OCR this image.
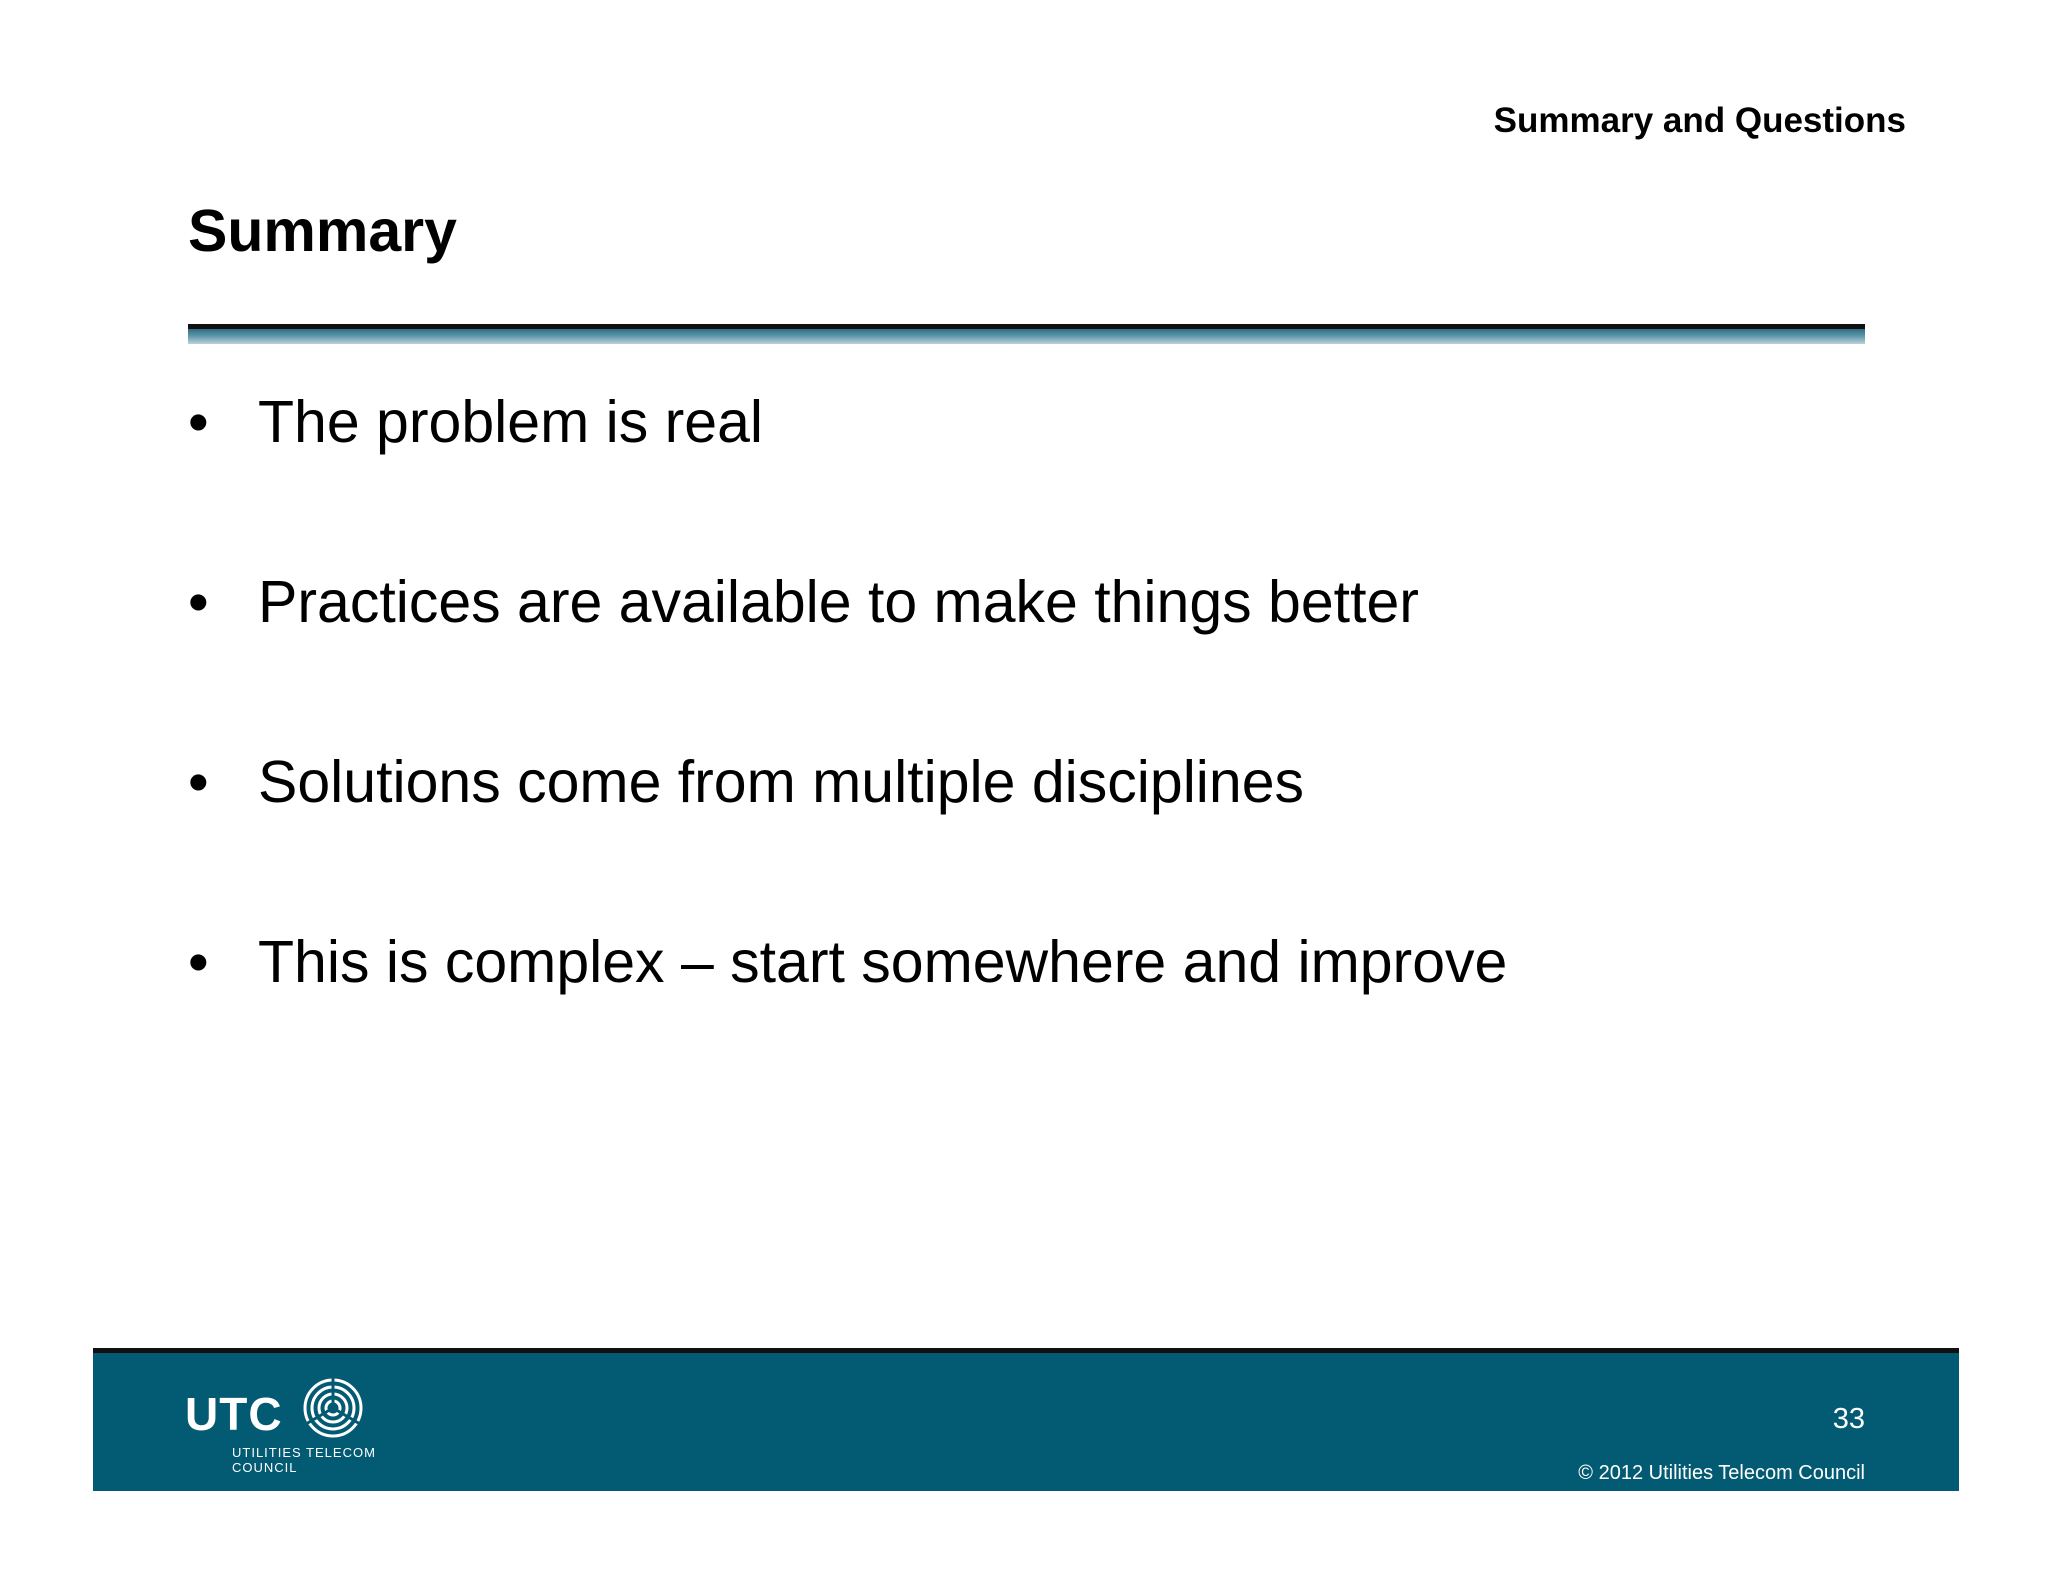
Summary and Questions
Summary
• The problem is real
• Practices are available to make things better
• Solutions come from multiple disciplines
• This is complex – start somewhere and improve
UTC
UTILITIES TELECOM
COUNCIL
33
© 2012 Utilities Telecom Council
